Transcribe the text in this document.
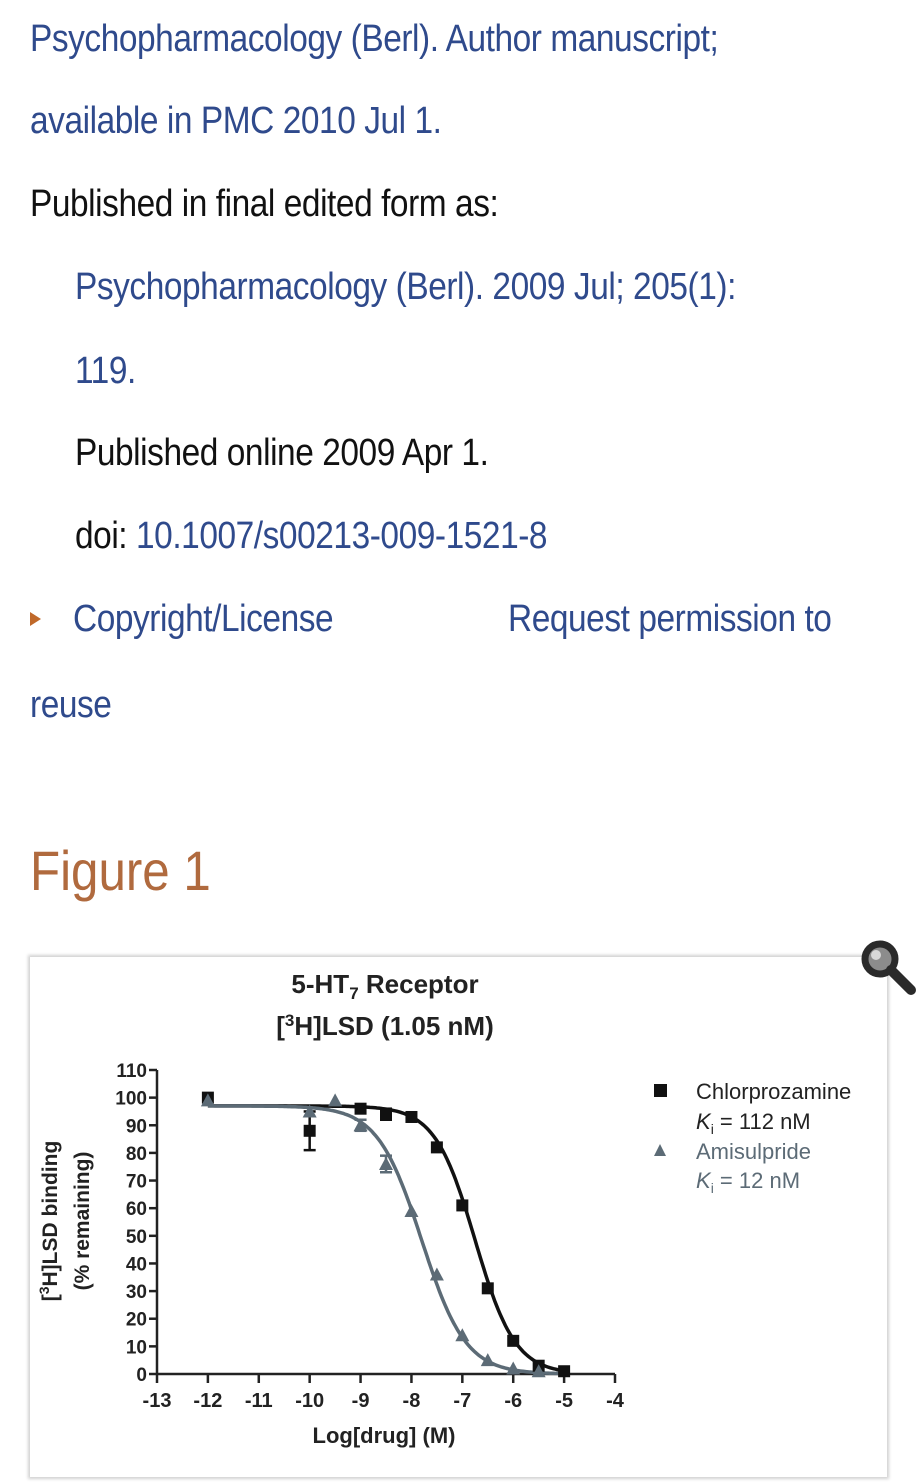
Psychopharmacology (Berl). Author manuscript;
available in PMC 2010 Jul 1.
Published in final edited form as:
Psychopharmacology (Berl). 2009 Jul; 205(1):
119.
Published online 2009 Apr 1.
doi: 10.1007/s00213-009-1521-8
Copyright/License	Request permission to
reuse
Figure 1
$5-HT_7$ Receptor
[$^3$H]LSD (1.05 nM)
[$^3$H]LSD binding (% remaining)
Log[drug] (M)
0
10
20
30
40
50
60
70
80
90
100
110
-13 -12 -11 -10 -9 -8 -7 -6 -5 -4
Chlorprozamine
$K_i = 112$ nM
Amisulpride
$K_i = 12$ nM
